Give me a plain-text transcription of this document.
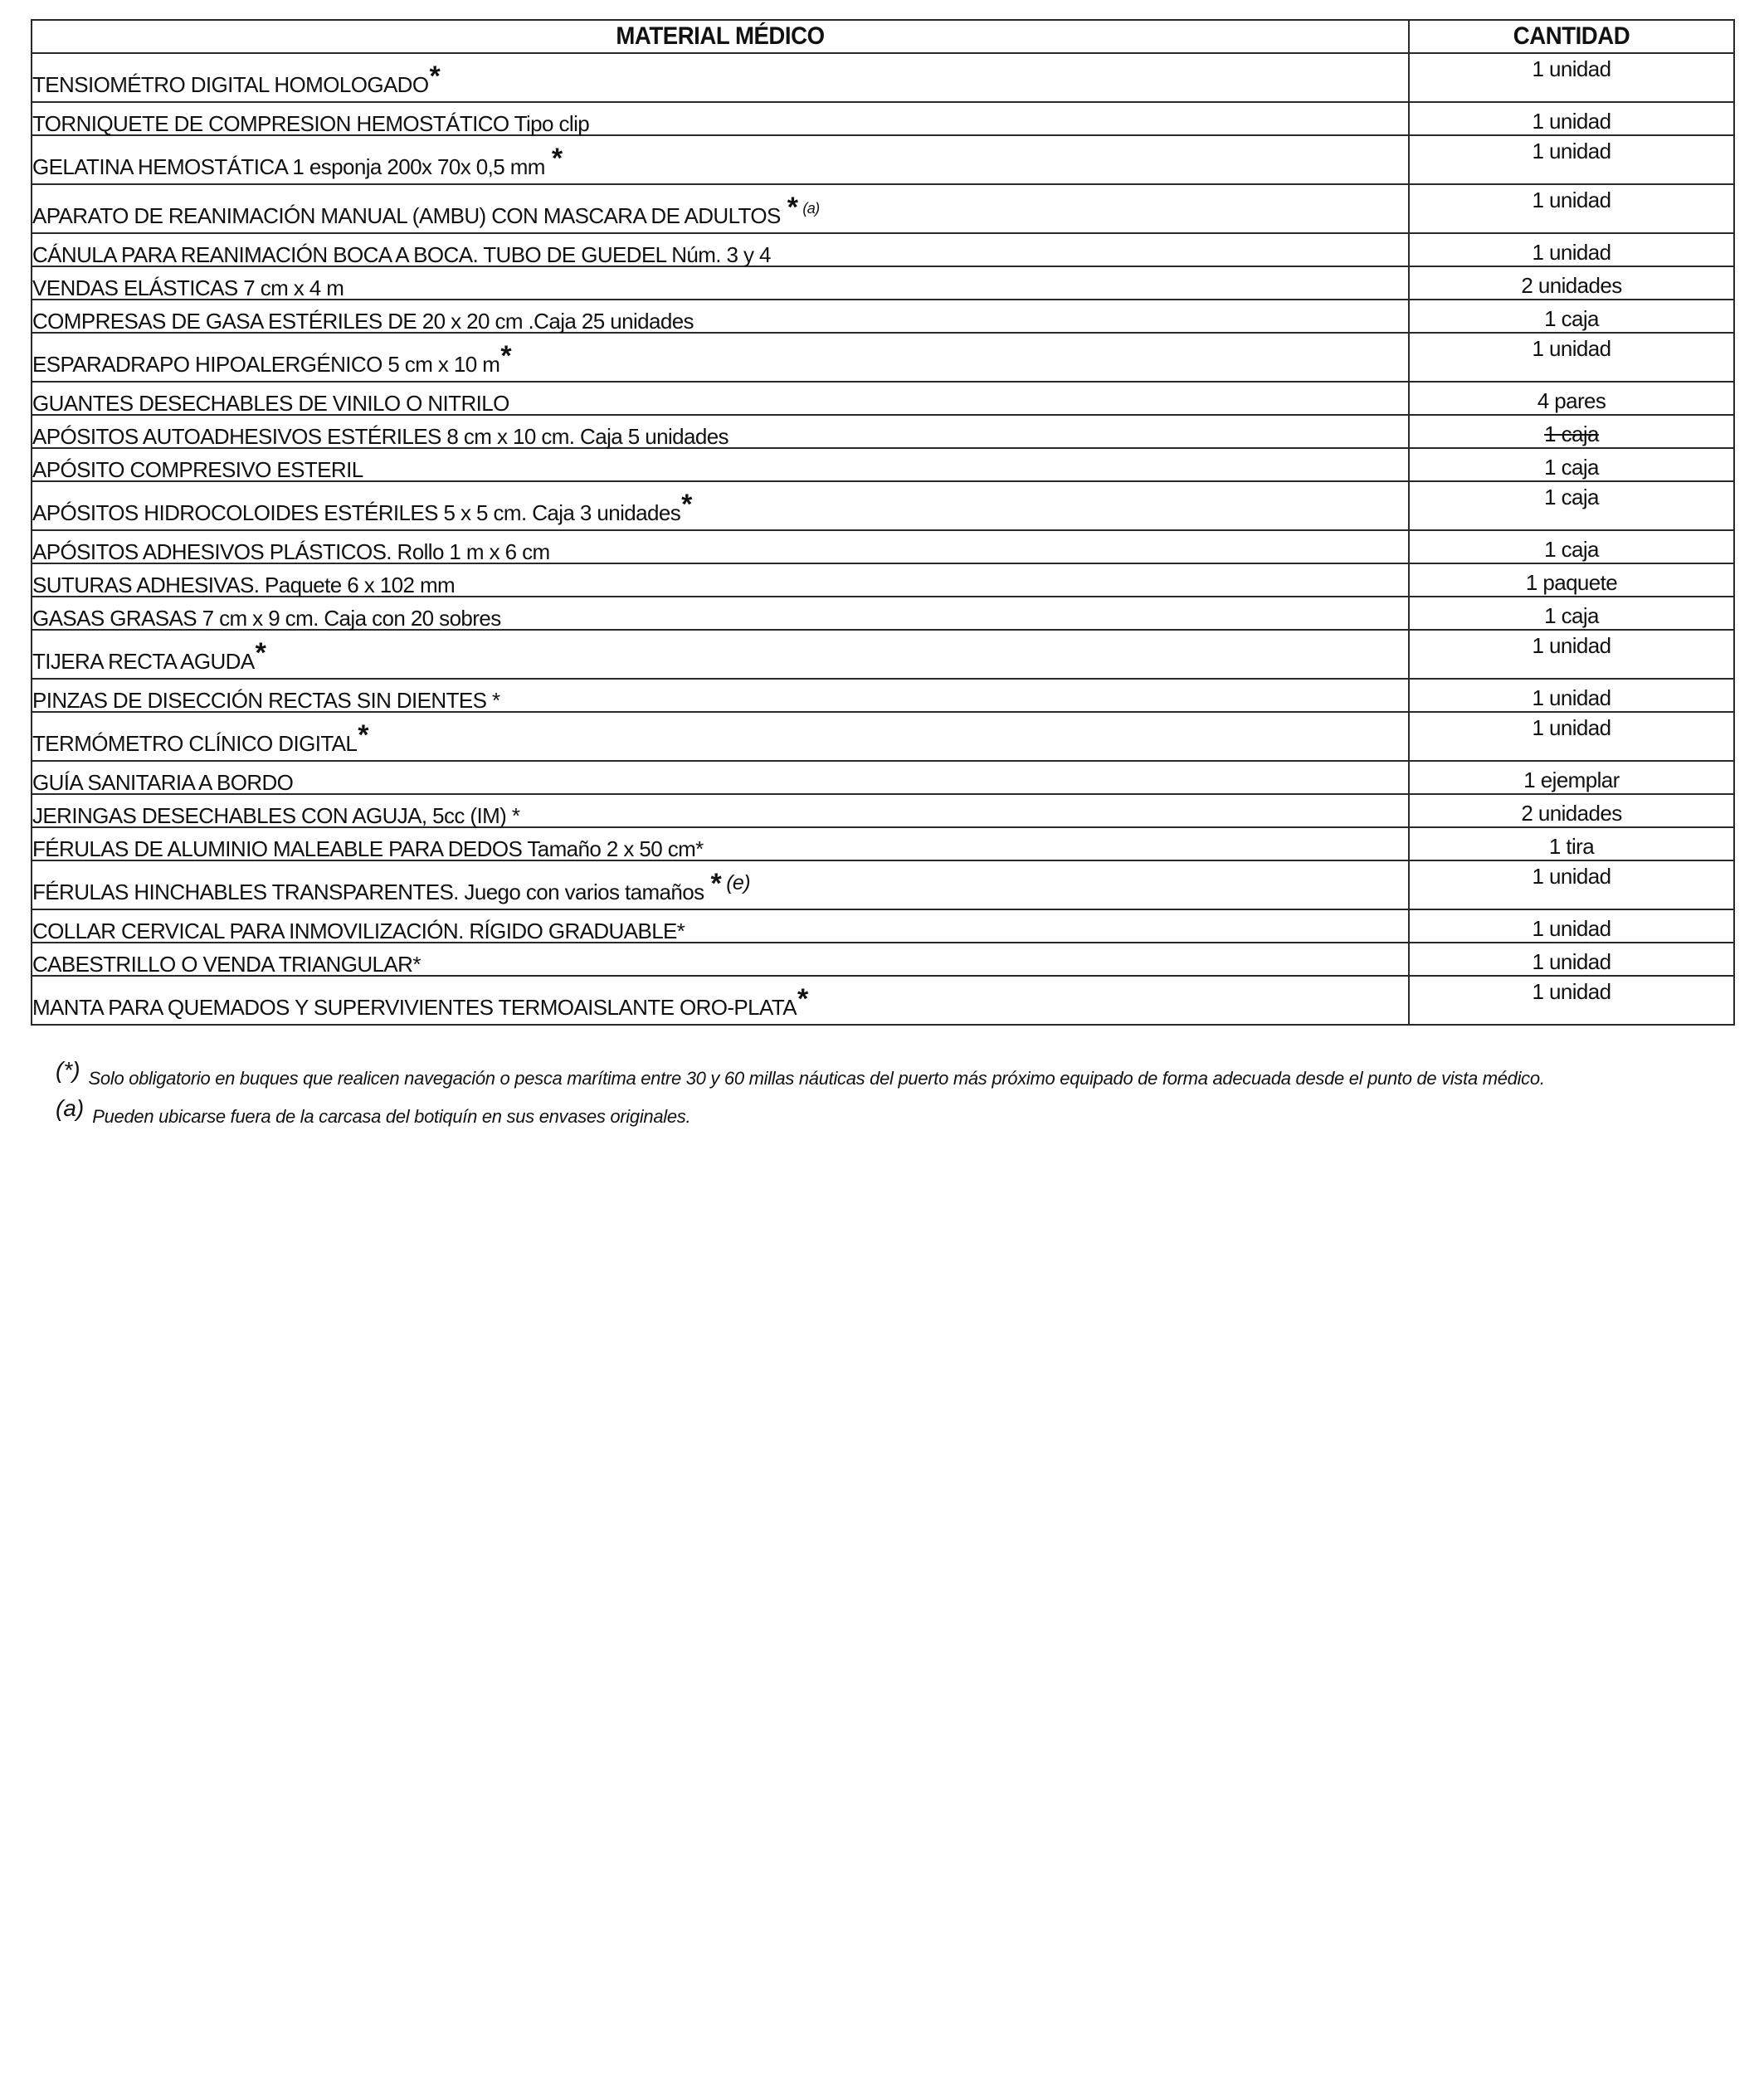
MATERIAL MÉDICO	CANTIDAD
TENSIOMÉTRO DIGITAL HOMOLOGADO*	1 unidad
TORNIQUETE DE COMPRESION HEMOSTÁTICO Tipo clip	1 unidad
GELATINA HEMOSTÁTICA 1 esponja 200x 70x 0,5 mm *	1 unidad
APARATO DE REANIMACIÓN MANUAL (AMBU) CON MASCARA DE ADULTOS * $^{(a)}$	1 unidad
CÁNULA PARA REANIMACIÓN BOCA A BOCA. TUBO DE GUEDEL Núm. 3 y 4	1 unidad
VENDAS ELÁSTICAS 7 cm x 4 m	2 unidades
COMPRESAS DE GASA ESTÉRILES DE 20 x 20 cm .Caja 25 unidades	1 caja
ESPARADRAPO HIPOALERGÉNICO 5 cm x 10 m*	1 unidad
GUANTES DESECHABLES DE VINILO O NITRILO	4 pares
APÓSITOS AUTOADHESIVOS ESTÉRILES 8 cm x 10 cm. Caja 5 unidades	1 caja
APÓSITO COMPRESIVO ESTERIL	1 caja
APÓSITOS HIDROCOLOIDES ESTÉRILES 5 x 5 cm. Caja 3 unidades*	1 caja
APÓSITOS ADHESIVOS PLÁSTICOS. Rollo 1 m x 6 cm	1 caja
SUTURAS ADHESIVAS. Paquete 6 x 102 mm	1 paquete
GASAS GRASAS 7 cm x 9 cm. Caja con 20 sobres	1 caja
TIJERA RECTA AGUDA*	1 unidad
PINZAS DE DISECCIÓN RECTAS SIN DIENTES *	1 unidad
TERMÓMETRO CLÍNICO DIGITAL*	1 unidad
GUÍA SANITARIA A BORDO	1 ejemplar
JERINGAS DESECHABLES CON AGUJA, 5cc (IM) *	2 unidades
FÉRULAS DE ALUMINIO MALEABLE PARA DEDOS Tamaño 2 x 50 cm*	1 tira
FÉRULAS HINCHABLES TRANSPARENTES. Juego con varios tamaños * (e)	1 unidad
COLLAR CERVICAL PARA INMOVILIZACIÓN. RÍGIDO GRADUABLE*	1 unidad
CABESTRILLO O VENDA TRIANGULAR*	1 unidad
MANTA PARA QUEMADOS Y SUPERVIVIENTES TERMOAISLANTE ORO-PLATA*	1 unidad
(*) Solo obligatorio en buques que realicen navegación o pesca marítima entre 30 y 60 millas náuticas del puerto más próximo equipado de forma adecuada desde el punto de vista médico.
(a) Pueden ubicarse fuera de la carcasa del botiquín en sus envases originales.
